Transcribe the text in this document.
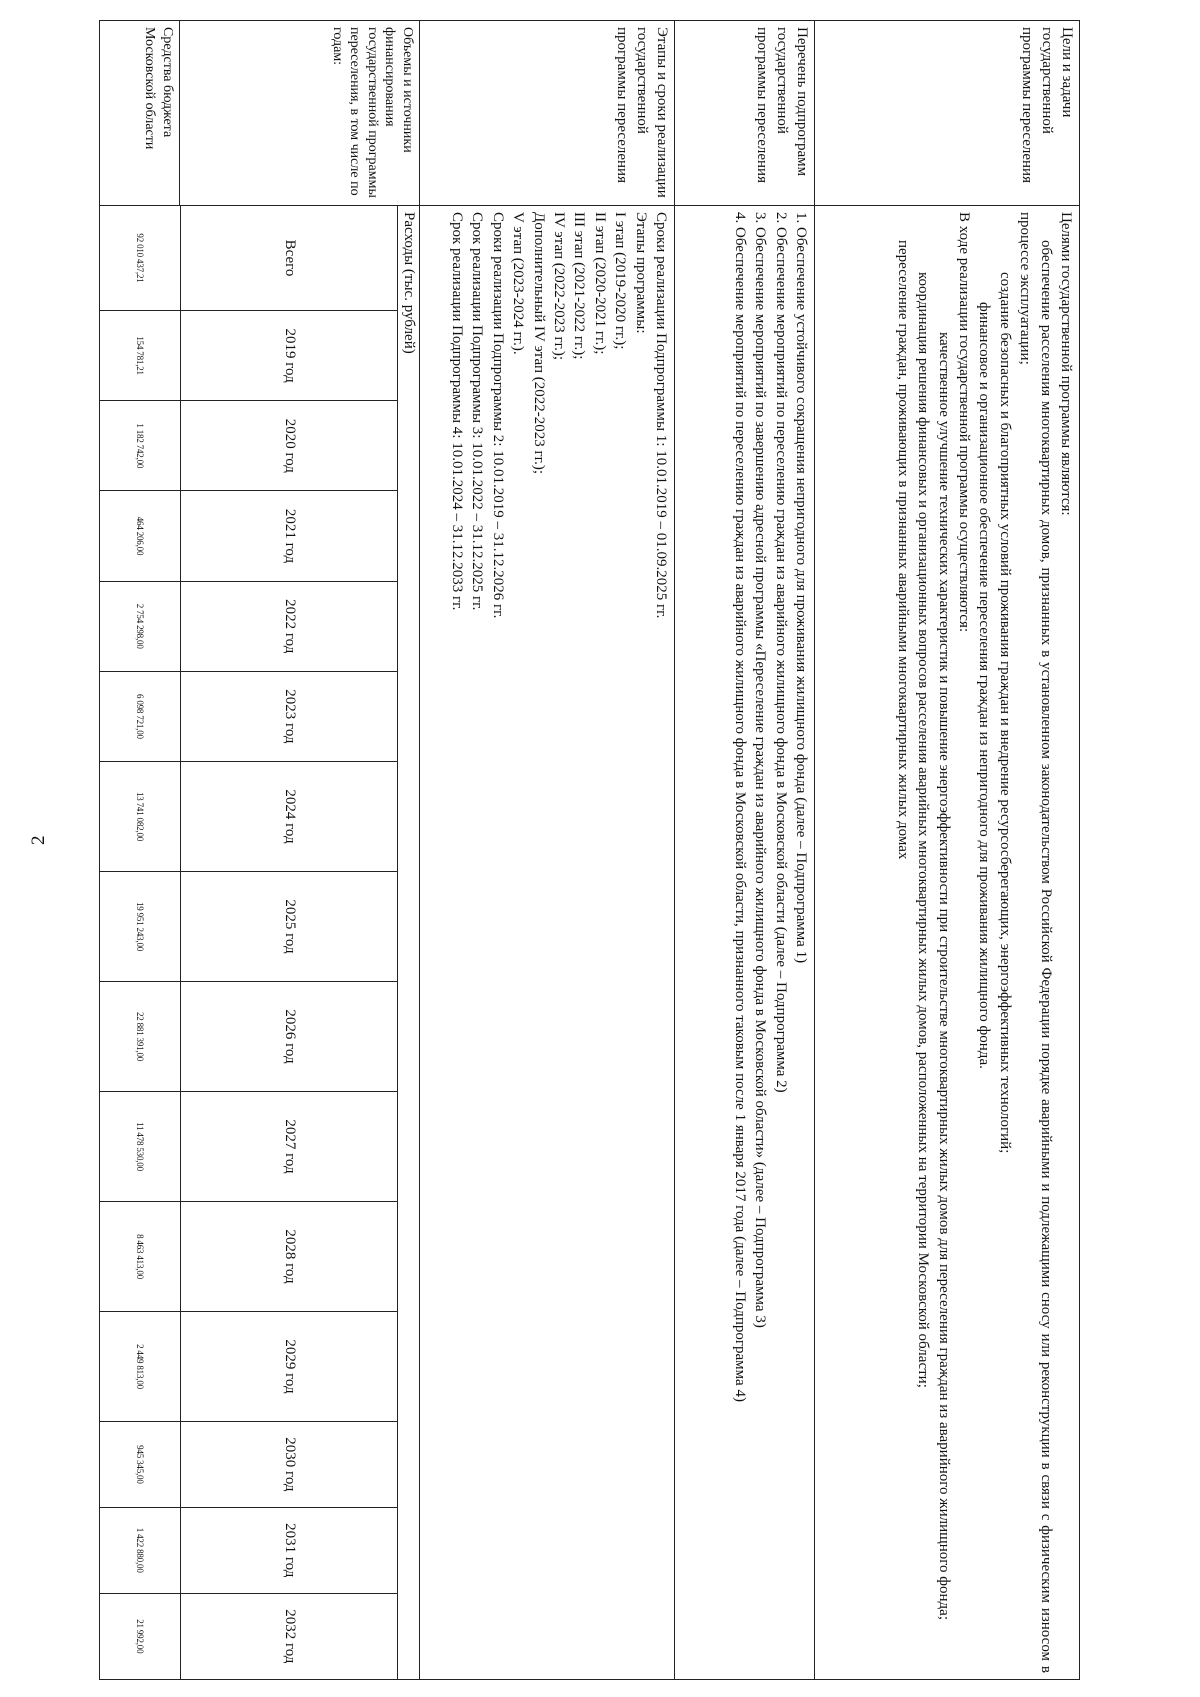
2
Цели и задачи государственной программы переселения	

Целями государственной программы являются:

обеспечение расселения многоквартирных домов, признанных в установленном законодательством Российской Федерации порядке аварийными и подлежащими сносу или реконструкции в связи с физическим износом в процессе эксплуатации;

создание безопасных и благоприятных условий проживания граждан и внедрение ресурсосберегающих, энергоэффективных технологий;

финансовое и организационное обеспечение переселения граждан из непригодного для проживания жилищного фонда.

В ходе реализации государственной программы осуществляются:

качественное улучшение технических характеристик и повышение энергоэффективности при строительстве многоквартирных жилых домов для переселения граждан из аварийного жилищного фонда;

координация решения финансовых и организационных вопросов расселения аварийных многоквартирных жилых домов, расположенных на территории Московской области;

переселение граждан, проживающих в признанных аварийными многоквартирных жилых домах

Перечень подпрограмм государственной программы переселения	
1. Обеспечение устойчивого сокращения непригодного для проживания жилищного фонда (далее – Подпрограмма 1)
2. Обеспечение мероприятий по переселению граждан из аварийного жилищного фонда в Московской области (далее – Подпрограмма 2)
3. Обеспечение мероприятий по завершению адресной программы «Переселение граждан из аварийного жилищного фонда в Московской области» (далее – Подпрограмма 3)
4. Обеспечение мероприятий по переселению граждан из аварийного жилищного фонда в Московской области, признанного таковым после 1 января 2017 года (далее – Подпрограмма 4)

Этапы и сроки реализации государственной программы переселения	
Сроки реализации Подпрограммы 1: 10.01.2019 – 01.09.2025 гг.
Этапы программы:
I этап (2019-2020 гг.);
II этап (2020-2021 гг.);
III этап (2021-2022 гг.);
IV этап (2022-2023 гг.);
Дополнительный IV этап (2022-2023 гг.);
V этап (2023-2024 гг.).
Сроки реализации Подпрограммы 2: 10.01.2019 – 31.12.2026 гг.
Срок реализации Подпрограммы 3: 10.01.2022 – 31.12.2025 гг.
Срок реализации Подпрограммы 4: 10.01.2024 – 31.12.2033 гг.

Объемы и источники финансирования государственной программы переселения, в том числе по годам:
Средства бюджета Московской области

Расходы (тыс. рублей)
Всего	2019 год	2020 год	2021 год	2022 год	2023 год	2024 год	2025 год	2026 год	2027 год	2028 год	2029 год	2030 год	2031 год	2032 год
92 010 437,21	154 781,21	1 182 742,00	464 206,00	2 754 298,00	6 098 721,00	13 741 082,00	19 951 243,00	22 881 391,00	11 478 530,00	8 463 413,00	2 449 813,00	945 345,00	1 422 880,00	21 992,00
